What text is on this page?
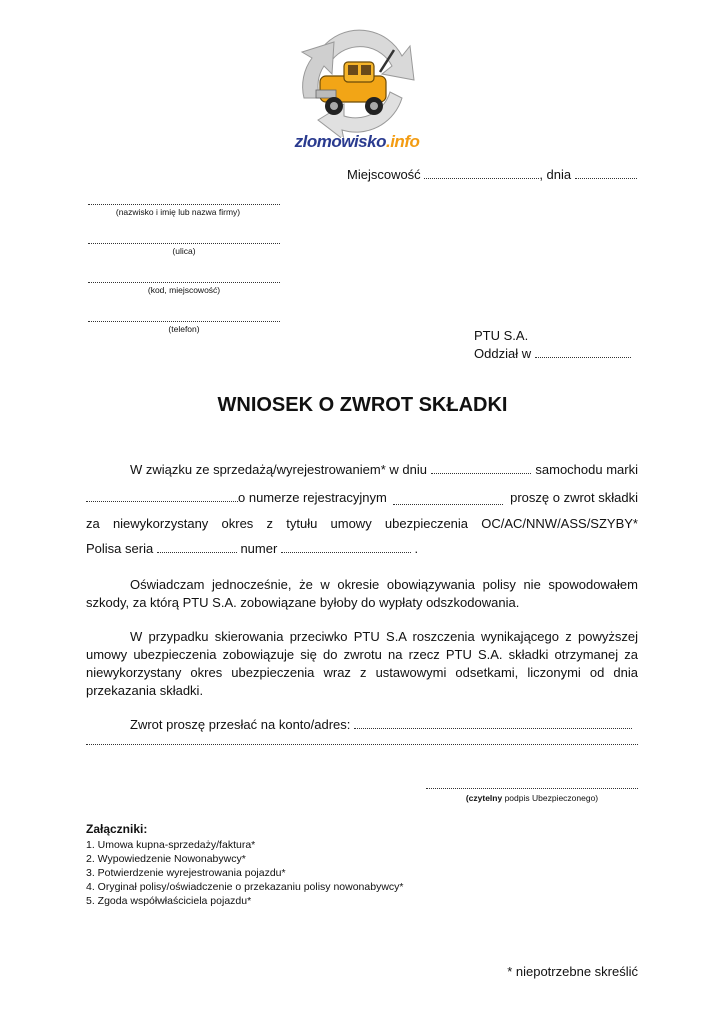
zlomowisko.info
Miejscowość	, dnia
(nazwisko i imię lub nazwa firmy)
(ulica)
(kod, miejscowość)
(telefon)	PTU S.A.
Oddział w
WNIOSEK O ZWROT SKŁADKI
W związku ze sprzedażą/wyrejestrowaniem* w dniu	samochodu marki
o numerze rejestracyjnym	proszę o zwrot składki
za niewykorzystany okres z tytułu umowy ubezpieczenia OC/AC/NNW/ASS/SZYBY*
Polisa seria	numer	.
Oświadczam jednocześnie, że w okresie obowiązywania polisy nie spowodowałem szkody, za którą PTU S.A. zobowiązane byłoby do wypłaty odszkodowania.
W przypadku skierowania przeciwko PTU S.A roszczenia wynikającego z powyższej umowy ubezpieczenia zobowiązuje się do zwrotu na rzecz PTU S.A. składki otrzymanej za niewykorzystany okres ubezpieczenia wraz z ustawowymi odsetkami, liczonymi od dnia przekazania składki.
Zwrot proszę przesłać na konto/adres:
(czytelny podpis Ubezpieczonego)
Załączniki:
1. Umowa kupna-sprzedaży/faktura*
2. Wypowiedzenie Nowonabywcy*
3. Potwierdzenie wyrejestrowania pojazdu*
4. Oryginał polisy/oświadczenie o przekazaniu polisy nowonabywcy*
5. Zgoda współwłaściciela pojazdu*
* niepotrzebne skreślić
